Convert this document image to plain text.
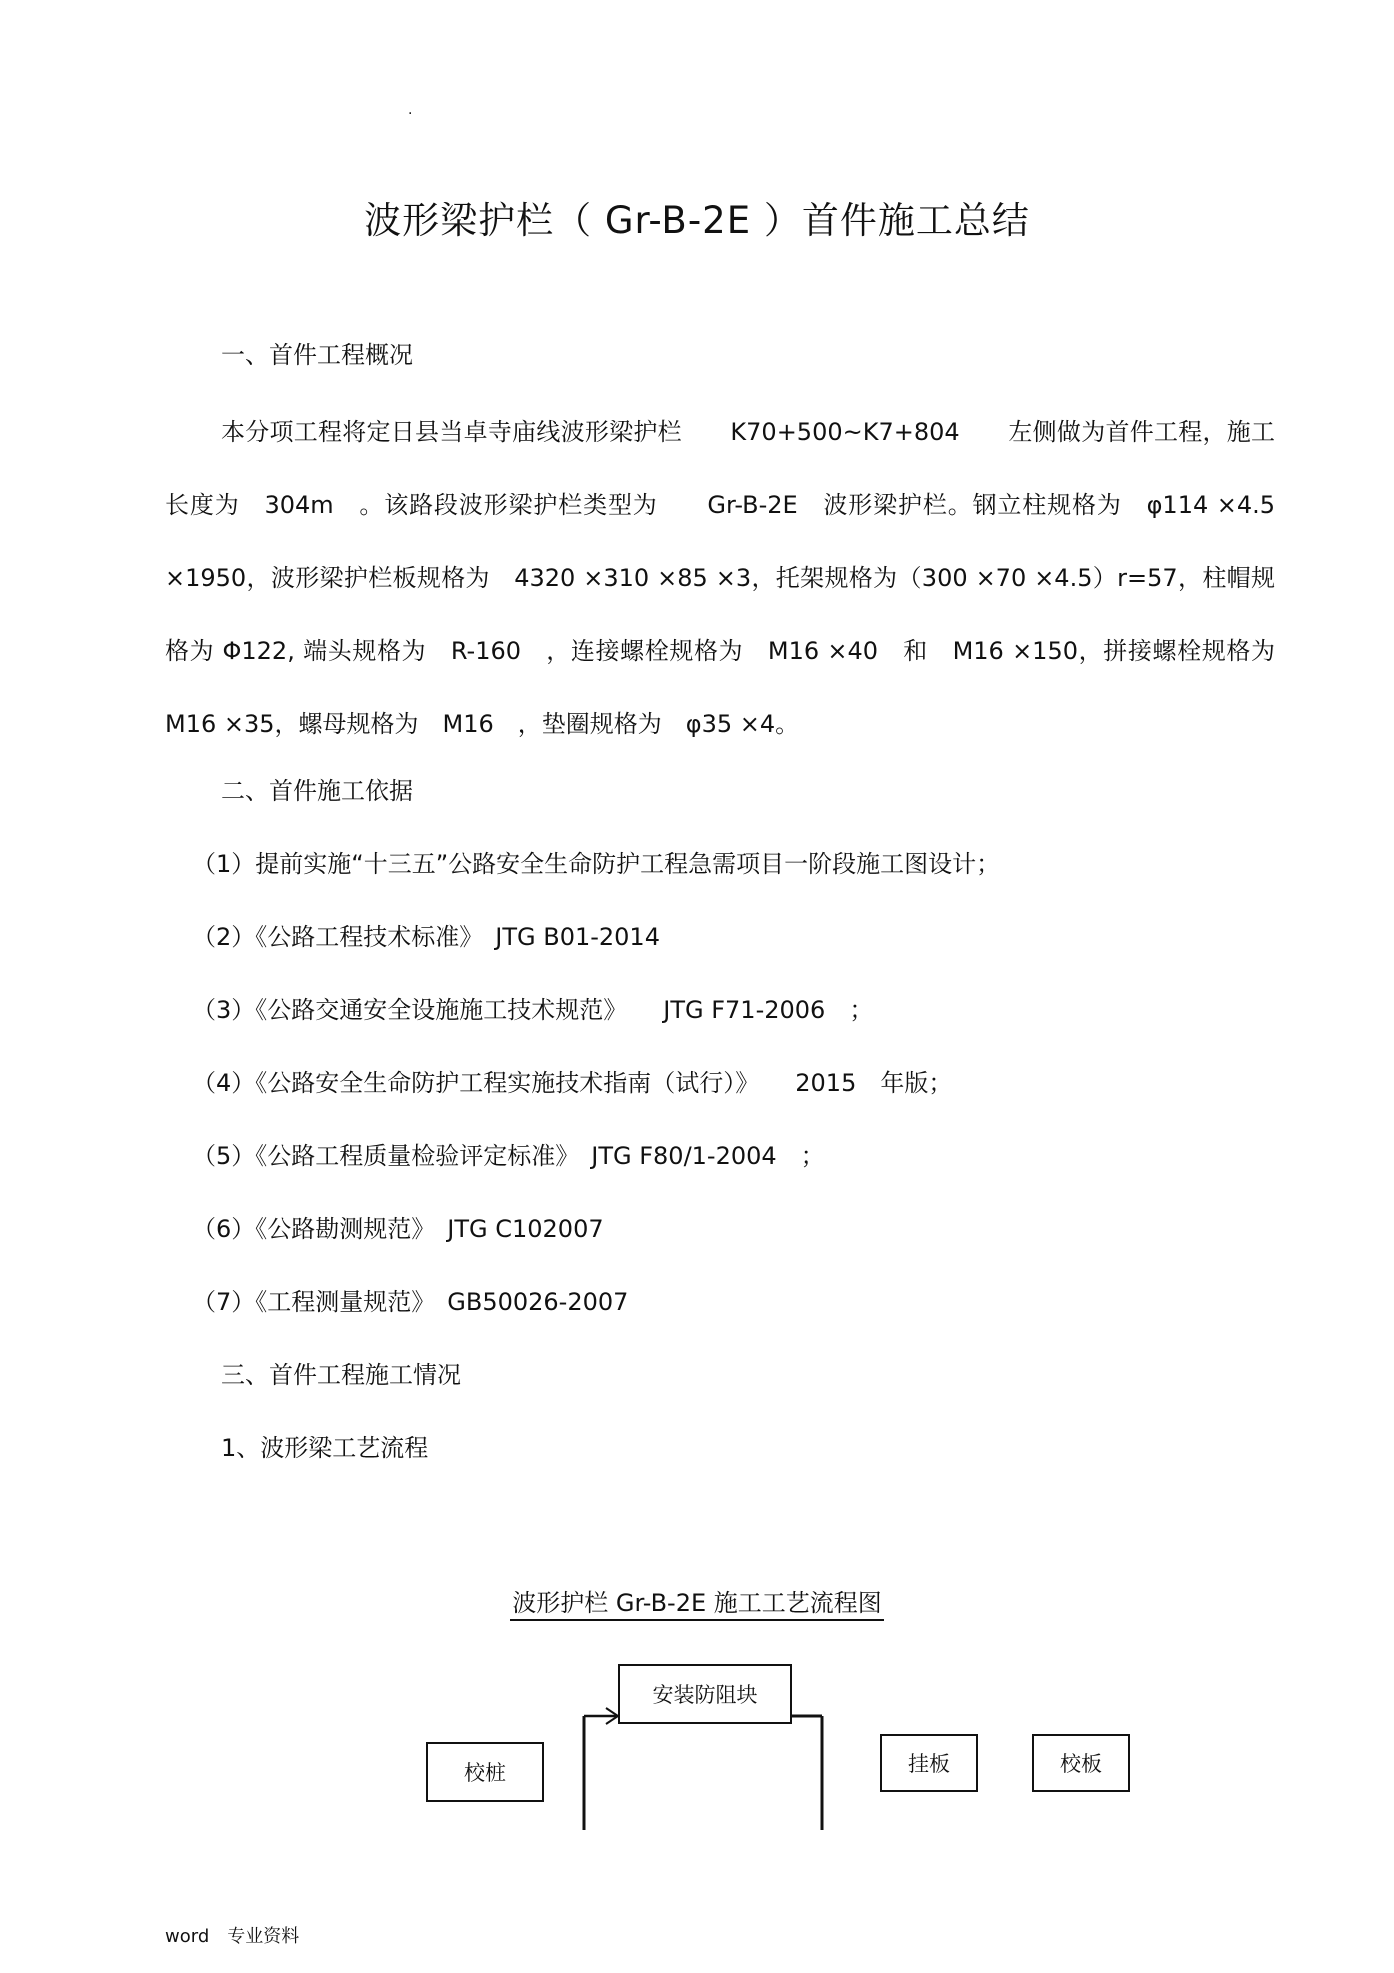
·
波形梁护栏（ Gr-B-2E ）首件施工总结
一、首件工程概况
本分项工程将定日县当卓寺庙线波形梁护栏　　K70+500~K7+804　　左侧做为首件工程，施工长度为　304m　。该路段波形梁护栏类型为　　Gr-B-2E　波形梁护栏。钢立柱规格为　φ114 ×4.5 ×1950，波形梁护栏板规格为　4320 ×310 ×85 ×3，托架规格为（300 ×70 ×4.5）r=57，柱帽规格为 Φ122, 端头规格为　R-160　，连接螺栓规格为　M16 ×40　和　M16 ×150，拼接螺栓规格为　M16 ×35，螺母规格为　M16　，垫圈规格为　φ35 ×4。
二、首件施工依据
（1）提前实施“十三五”公路安全生命防护工程急需项目一阶段施工图设计；
（2）《公路工程技术标准》　JTG B01-2014
（3）《公路交通安全设施施工技术规范》　　JTG F71-2006　；
（4）《公路安全生命防护工程实施技术指南（试行）》　　2015　年版；
（5）《公路工程质量检验评定标准》　JTG F80/1-2004　；
（6）《公路勘测规范》　JTG C102007
（7）《工程测量规范》　GB50026-2007
三、首件工程施工情况
1、波形梁工艺流程
波形护栏 Gr-B-2E 施工工艺流程图
安装防阻块
校桩	挂板	校板
word 专业资料
